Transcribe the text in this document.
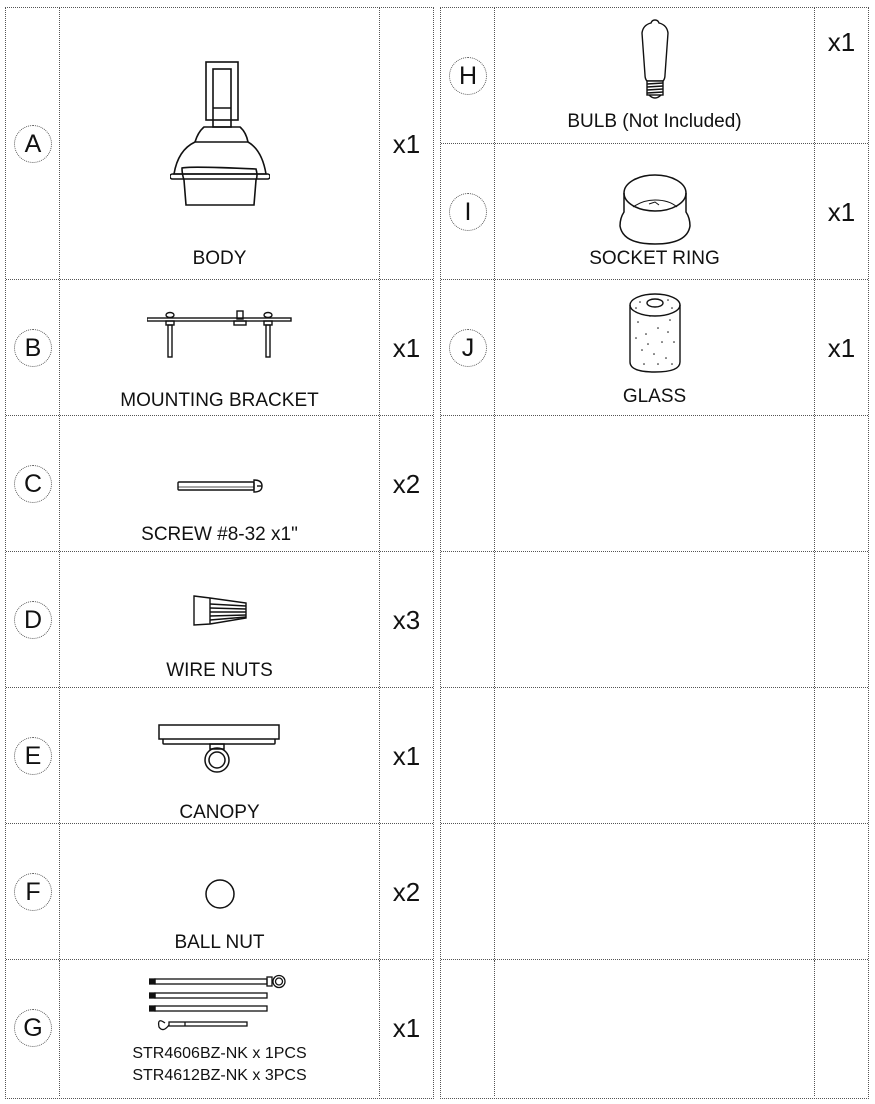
A
BODY
x1
B
MOUNTING BRACKET
x1
C
SCREW #8-32 x1"
x2
D
WIRE NUTS
x3
E
CANOPY
x1
F
BALL NUT
x2
G
STR4606BZ-NK x 1PCS
STR4612BZ-NK x 3PCS
x1
H
BULB (Not Included)
x1
I
SOCKET RING
x1
J
GLASS
x1
